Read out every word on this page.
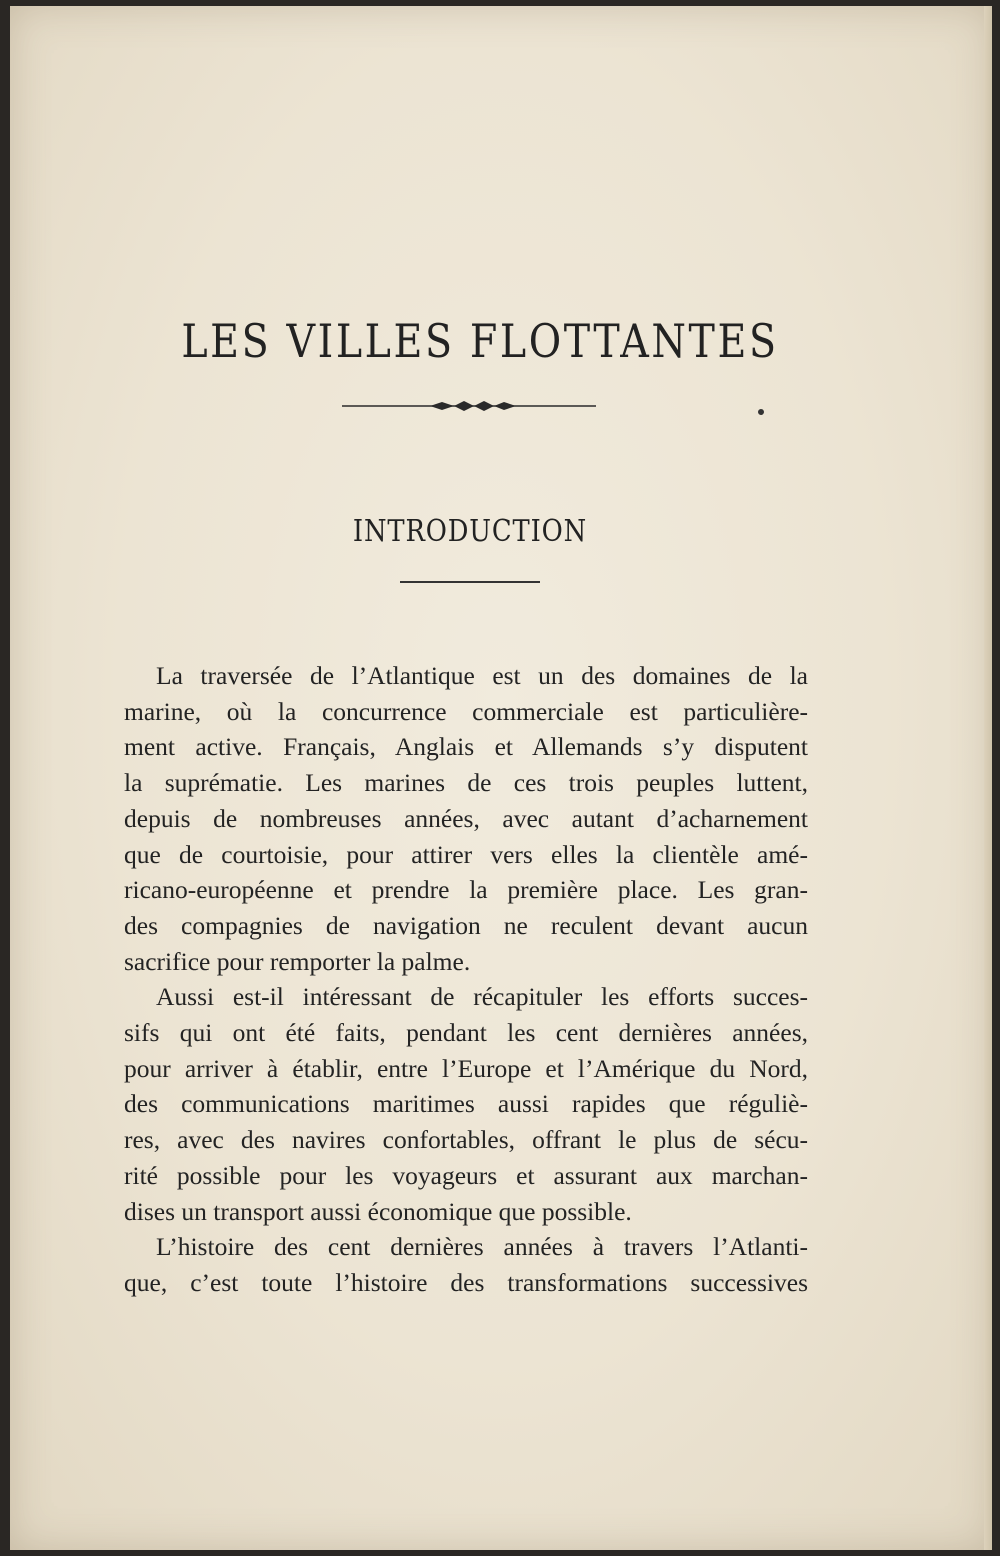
LES VILLES FLOTTANTES
INTRODUCTION
La traversée de l’Atlantique est un des domaines de la
marine, où la concurrence commerciale est particulière-
ment active. Français, Anglais et Allemands s’y disputent
la suprématie. Les marines de ces trois peuples luttent,
depuis de nombreuses années, avec autant d’acharnement
que de courtoisie, pour attirer vers elles la clientèle amé-
ricano-européenne et prendre la première place. Les gran-
des compagnies de navigation ne reculent devant aucun
sacrifice pour remporter la palme.
Aussi est-il intéressant de récapituler les efforts succes-
sifs qui ont été faits, pendant les cent dernières années,
pour arriver à établir, entre l’Europe et l’Amérique du Nord,
des communications maritimes aussi rapides que réguliè-
res, avec des navires confortables, offrant le plus de sécu-
rité possible pour les voyageurs et assurant aux marchan-
dises un transport aussi économique que possible.
L’histoire des cent dernières années à travers l’Atlanti-
que, c’est toute l’histoire des transformations successives
